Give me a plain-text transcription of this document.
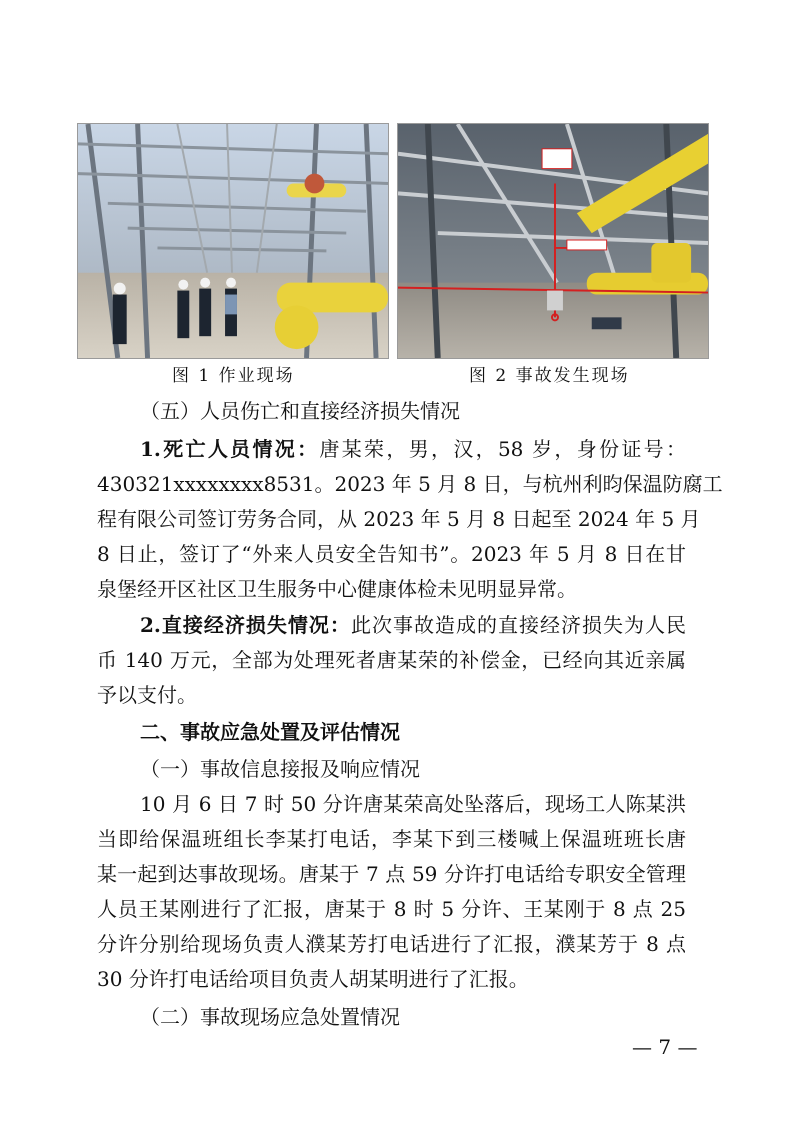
图 1 作业现场	图 2 事故发生现场
（五）人员伤亡和直接经济损失情况
1.死亡人员情况：唐某荣，男，汉，58 岁，身份证号：
430321xxxxxxxx8531。2023 年 5 月 8 日，与杭州利昀保温防腐工
程有限公司签订劳务合同，从 2023 年 5 月 8 日起至 2024 年 5 月
8 日止，签订了“外来人员安全告知书”。2023 年 5 月 8 日在甘
泉堡经开区社区卫生服务中心健康体检未见明显异常。
2.直接经济损失情况：此次事故造成的直接经济损失为人民
币 140 万元，全部为处理死者唐某荣的补偿金，已经向其近亲属
予以支付。
二、事故应急处置及评估情况
（一）事故信息接报及响应情况
10 月 6 日 7 时 50 分许唐某荣高处坠落后，现场工人陈某洪
当即给保温班组长李某打电话，李某下到三楼喊上保温班班长唐
某一起到达事故现场。唐某于 7 点 59 分许打电话给专职安全管理
人员王某刚进行了汇报，唐某于 8 时 5 分许、王某刚于 8 点 25
分许分别给现场负责人濮某芳打电话进行了汇报，濮某芳于 8 点
30 分许打电话给项目负责人胡某明进行了汇报。
（二）事故现场应急处置情况
— 7 —
